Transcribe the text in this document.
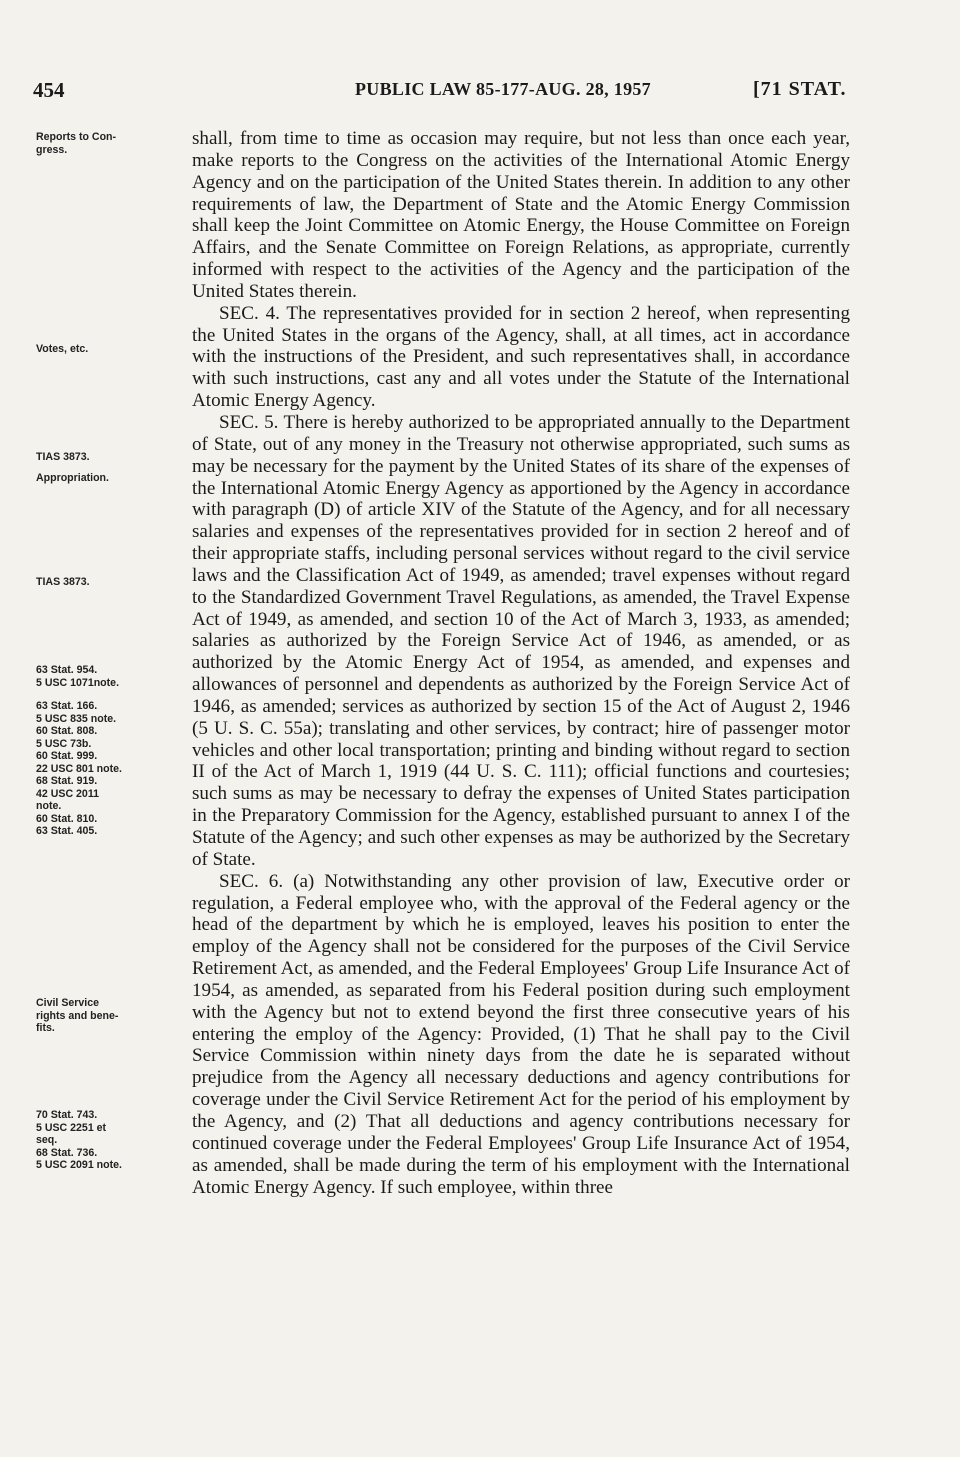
454	PUBLIC LAW 85-177-AUG. 28, 1957	[71 STAT.
Reports to Con-
gress.
Votes, etc.
TIAS 3873.
Appropriation.
TIAS 3873.
63 Stat. 954.
5 USC 1071note.
63 Stat. 166.
5 USC 835 note.
60 Stat. 808.
5 USC 73b.
60 Stat. 999.
22 USC 801 note.
68 Stat. 919.
42 USC 2011
note.
60 Stat. 810.
63 Stat. 405.
Civil Service
rights and bene-
fits.
70 Stat. 743.
5 USC 2251 et
seq.
68 Stat. 736.
5 USC 2091 note.

shall, from time to time as occasion may require, but not less than once each year, make reports to the Congress on the activities of the International Atomic Energy Agency and on the participation of the United States therein. In addition to any other requirements of law, the Department of State and the Atomic Energy Commission shall keep the Joint Committee on Atomic Energy, the House Committee on Foreign Affairs, and the Senate Committee on Foreign Relations, as appropriate, currently informed with respect to the activities of the Agency and the participation of the United States therein.

SEC. 4. The representatives provided for in section 2 hereof, when representing the United States in the organs of the Agency, shall, at all times, act in accordance with the instructions of the President, and such representatives shall, in accordance with such instructions, cast any and all votes under the Statute of the International Atomic Energy Agency.

SEC. 5. There is hereby authorized to be appropriated annually to the Department of State, out of any money in the Treasury not otherwise appropriated, such sums as may be necessary for the payment by the United States of its share of the expenses of the International Atomic Energy Agency as apportioned by the Agency in accordance with paragraph (D) of article XIV of the Statute of the Agency, and for all necessary salaries and expenses of the representatives provided for in section 2 hereof and of their appropriate staffs, including personal services without regard to the civil service laws and the Classification Act of 1949, as amended; travel expenses without regard to the Standardized Government Travel Regulations, as amended, the Travel Expense Act of 1949, as amended, and section 10 of the Act of March 3, 1933, as amended; salaries as authorized by the Foreign Service Act of 1946, as amended, or as authorized by the Atomic Energy Act of 1954, as amended, and expenses and allowances of personnel and dependents as authorized by the Foreign Service Act of 1946, as amended; services as authorized by section 15 of the Act of August 2, 1946 (5 U. S. C. 55a); translating and other services, by contract; hire of passenger motor vehicles and other local transportation; printing and binding without regard to section II of the Act of March 1, 1919 (44 U. S. C. 111); official functions and courtesies; such sums as may be necessary to defray the expenses of United States participation in the Preparatory Commission for the Agency, established pursuant to annex I of the Statute of the Agency; and such other expenses as may be authorized by the Secretary of State.

SEC. 6. (a) Notwithstanding any other provision of law, Executive order or regulation, a Federal employee who, with the approval of the Federal agency or the head of the department by which he is employed, leaves his position to enter the employ of the Agency shall not be considered for the purposes of the Civil Service Retirement Act, as amended, and the Federal Employees' Group Life Insurance Act of 1954, as amended, as separated from his Federal position during such employment with the Agency but not to extend beyond the first three consecutive years of his entering the employ of the Agency: Provided, (1) That he shall pay to the Civil Service Commission within ninety days from the date he is separated without prejudice from the Agency all necessary deductions and agency contributions for coverage under the Civil Service Retirement Act for the period of his employment by the Agency, and (2) That all deductions and agency contributions necessary for continued coverage under the Federal Employees' Group Life Insurance Act of 1954, as amended, shall be made during the term of his employment with the International Atomic Energy Agency. If such employee, within three
